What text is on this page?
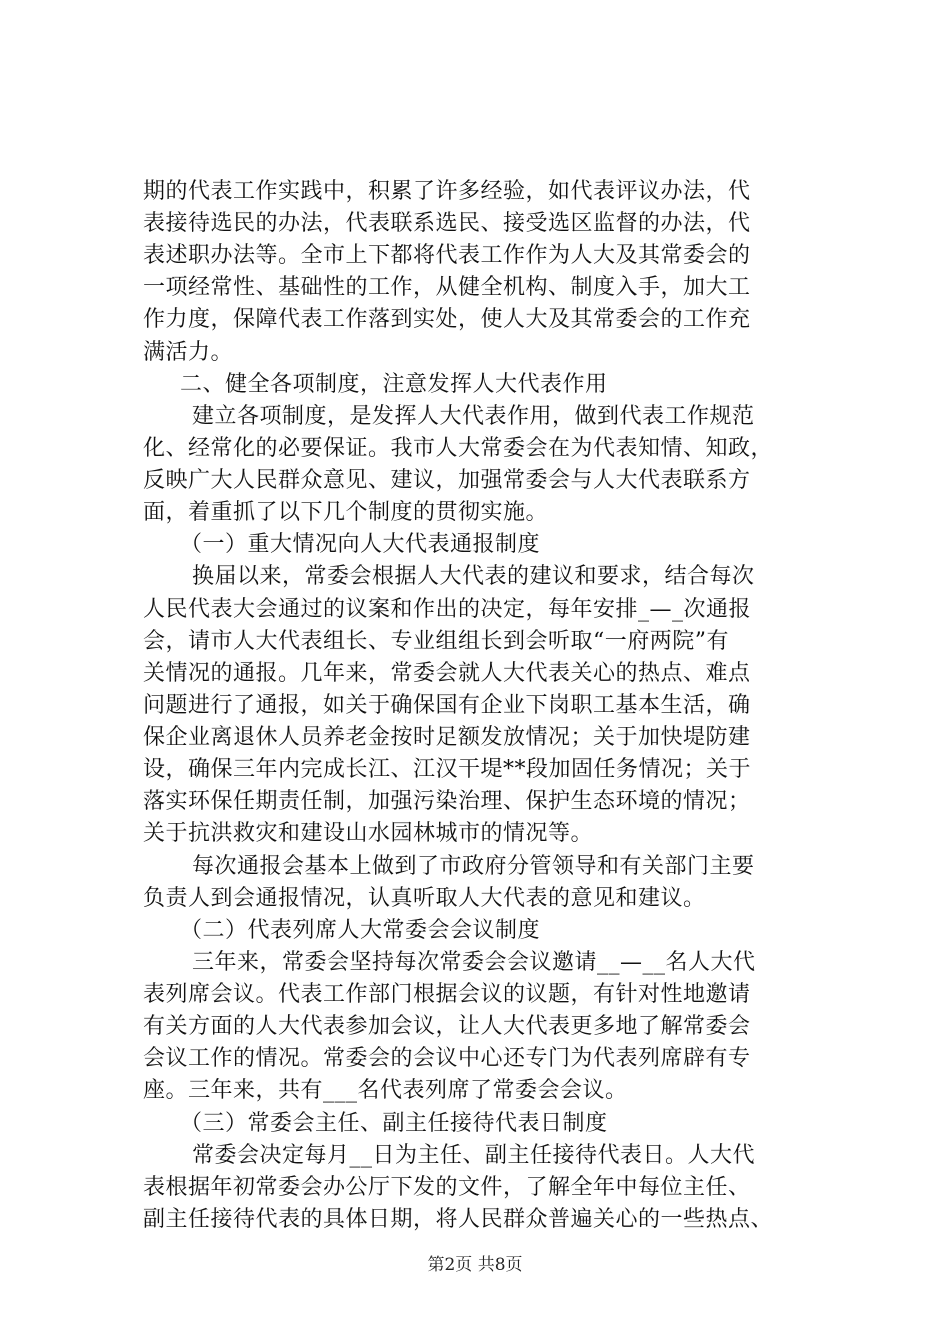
期的代表工作实践中，积累了许多经验，如代表评议办法，代
表接待选民的办法，代表联系选民、接受选区监督的办法，代
表述职办法等。全市上下都将代表工作作为人大及其常委会的
一项经常性、基础性的工作，从健全机构、制度入手，加大工
作力度，保障代表工作落到实处，使人大及其常委会的工作充
满活力。
二、健全各项制度，注意发挥人大代表作用
建立各项制度，是发挥人大代表作用，做到代表工作规范
化、经常化的必要保证。我市人大常委会在为代表知情、知政，
反映广大人民群众意见、建议，加强常委会与人大代表联系方
面，着重抓了以下几个制度的贯彻实施。
（一）重大情况向人大代表通报制度
换届以来，常委会根据人大代表的建议和要求，结合每次
人民代表大会通过的议案和作出的决定，每年安排_—_次通报
会，请市人大代表组长、专业组组长到会听取“一府两院”有
关情况的通报。几年来，常委会就人大代表关心的热点、难点
问题进行了通报，如关于确保国有企业下岗职工基本生活，确
保企业离退休人员养老金按时足额发放情况；关于加快堤防建
设，确保三年内完成长江、江汉干堤**段加固任务情况；关于
落实环保任期责任制，加强污染治理、保护生态环境的情况；
关于抗洪救灾和建设山水园林城市的情况等。
每次通报会基本上做到了市政府分管领导和有关部门主要
负责人到会通报情况，认真听取人大代表的意见和建议。
（二）代表列席人大常委会会议制度
三年来，常委会坚持每次常委会会议邀请__—__名人大代
表列席会议。代表工作部门根据会议的议题，有针对性地邀请
有关方面的人大代表参加会议，让人大代表更多地了解常委会
会议工作的情况。常委会的会议中心还专门为代表列席辟有专
座。三年来，共有___名代表列席了常委会会议。
（三）常委会主任、副主任接待代表日制度
常委会决定每月__日为主任、副主任接待代表日。人大代
表根据年初常委会办公厅下发的文件，了解全年中每位主任、
副主任接待代表的具体日期，将人民群众普遍关心的一些热点、
第2页 共8页
